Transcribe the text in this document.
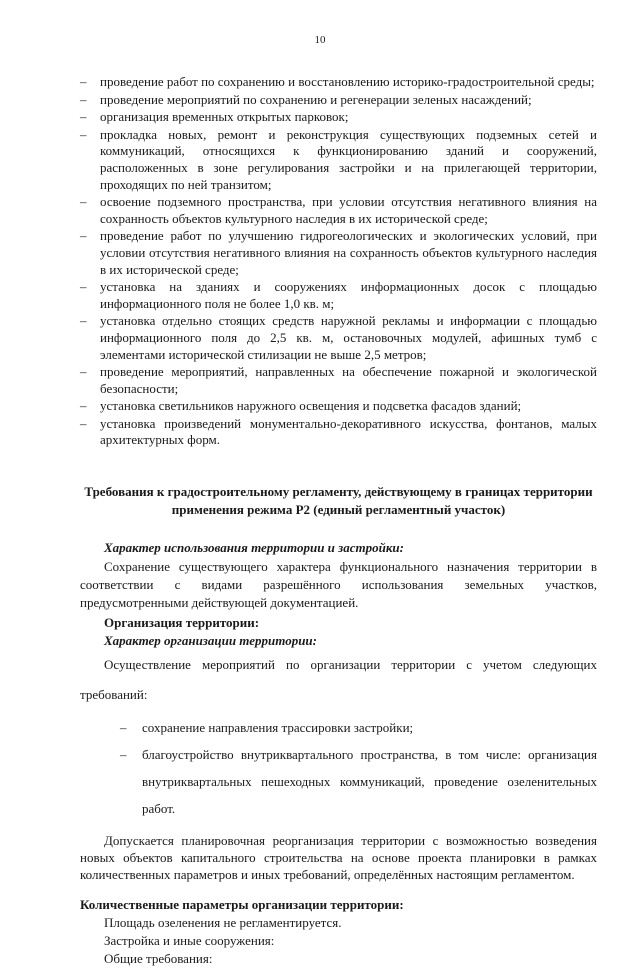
10
– проведение работ по сохранению и восстановлению историко-градостроительной среды;
– проведение мероприятий по сохранению и регенерации зеленых насаждений;
– организация временных открытых парковок;
– прокладка новых, ремонт и реконструкция существующих подземных сетей и коммуникаций, относящихся к функционированию зданий и сооружений, расположенных в зоне регулирования застройки и на прилегающей территории, проходящих по ней транзитом;
– освоение подземного пространства, при условии отсутствия негативного влияния на сохранность объектов культурного наследия в их исторической среде;
– проведение работ по улучшению гидрогеологических и экологических условий, при условии отсутствия негативного влияния на сохранность объектов культурного наследия в их исторической среде;
– установка на зданиях и сооружениях информационных досок с площадью информационного поля не более 1,0 кв. м;
– установка отдельно стоящих средств наружной рекламы и информации с площадью информационного поля до 2,5 кв. м, остановочных модулей, афишных тумб с элементами исторической стилизации не выше 2,5 метров;
– проведение мероприятий, направленных на обеспечение пожарной и экологической безопасности;
– установка светильников наружного освещения и подсветка фасадов зданий;
– установка произведений монументально-декоративного искусства, фонтанов, малых архитектурных форм.
Требования к градостроительному регламенту, действующему в границах территории применения режима Р2 (единый регламентный участок)
Характер использования территории и застройки:

Сохранение существующего характера функционального назначения территории в соответствии с видами разрешённого использования земельных участков, предусмотренными действующей документацией.

Организация территории:
Характер организации территории:

Осуществление мероприятий по организации территории с учетом следующих требований:

– сохранение направления трассировки застройки;
– благоустройство внутриквартального пространства, в том числе: организация внутриквартальных пешеходных коммуникаций, проведение озеленительных работ.

Допускается планировочная реорганизация территории с возможностью возведения новых объектов капитального строительства на основе проекта планировки в рамках количественных параметров и иных требований, определённых настоящим регламентом.

Количественные параметры организации территории:
Площадь озеленения не регламентируется.
Застройка и иные сооружения:
Общие требования:
